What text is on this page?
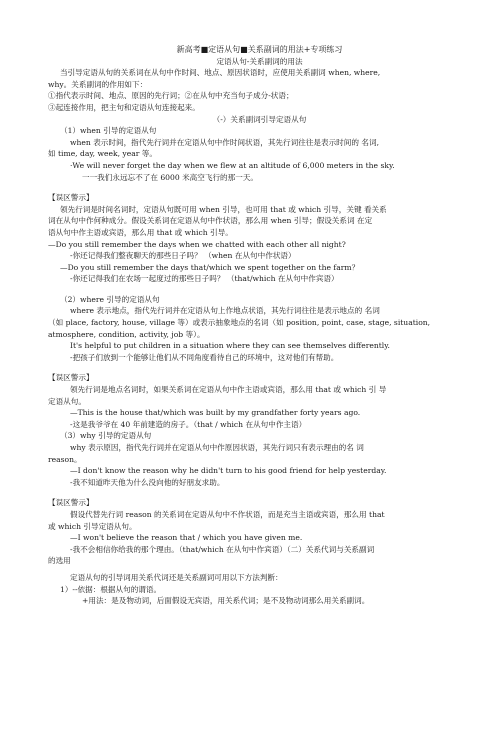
新高考■定语从句■关系副词的用法+专项练习
定语从句-关系副词的用法
当引导定语从句的关系词在从句中作时间、地点、原因状语时，应使用关系副词 when, where,
why。关系副词的作用如下：
①指代表示时间、地点、原因的先行词；②在从句中充当句子成分-状语；
③起连接作用，把主句和定语从句连接起来。
（-）关系副词引导定语从句
（1）when 引导的定语从句
when 表示时间，指代先行词并在定语从句中作时间状语，其先行词往往是表示时间的 名词,
如 time, day, week, year 等。
·We will never forget the day when we flew at an altitude of 6,000 meters in the sky.
一一我们永远忘不了在 6000 米高空飞行的那一天。
【误区警示】
领先行词是时间名词时，定语从句既可用 when 引导，也可用 that 或 which 引导，关键 看关系
词在从句中作何种成分。假设关系词在定语从句中作状语，那么用 when 引导；假设关系词 在定
语从句中作主语或宾语，那么用 that 或 which 引导。
—Do you still remember the days when we chatted with each other all night?
-你还记得我们整夜聊天的那些日子吗？ （when 在从句中作状语）
—Do you still remember the days that/which we spent together on the farm？
-你还记得我们在农场一起度过的那些日子吗？ （that/which 在从句中作宾语）
（2）where 引导的定语从句
where 表示地点，指代先行词并在定语从句上作地点状语，其先行词往往是表示地点的 名词
（如 place, factory, house, village 等）或表示抽象地点的名词（如 position, point, case, stage, situation,
atmosphere, condition, activity, job 等）。
It's helpful to put children in a situation where they can see themselves differently.
-把孩子们放到一个能够让他们从不同角度看待自己的环境中，这对他们有帮助。
【误区警示】
领先行词是地点名词时，如果关系词在定语从句中作主语或宾语，那么用 that 或 which 引 导
定语从句。
—This is the house that/which was built by my grandfather forty years ago.
-这是我爷爷在 40 年前建造的房子。（that / which 在从句中作主语）
（3）why 引导的定语从句
why 表示原因，指代先行词并在定语从句中作原因状语，其先行词只有表示理由的名 词
reason。
—I don't know the reason why he didn't turn to his good friend for help yesterday.
-我不知道昨天他为什么没向他的好朋友求助。
【误区警示】
假设代替先行词 reason 的关系词在定语从句中不作状语，而是充当主语或宾语，那么用 that
或 which 引导定语从句。
—I won't believe the reason that / which you have given me.
-我不会相信你给我的那个理由。（that/which 在从句中作宾语）（二）关系代词与关系副词
的选用
定语从句的引导词用关系代词还是关系副词可用以下方法判断：
1）--依据：根据从句的谓语。
+用法：是及物动词，后面假设无宾语，用关系代词；是不及物动词那么用关系副词。
